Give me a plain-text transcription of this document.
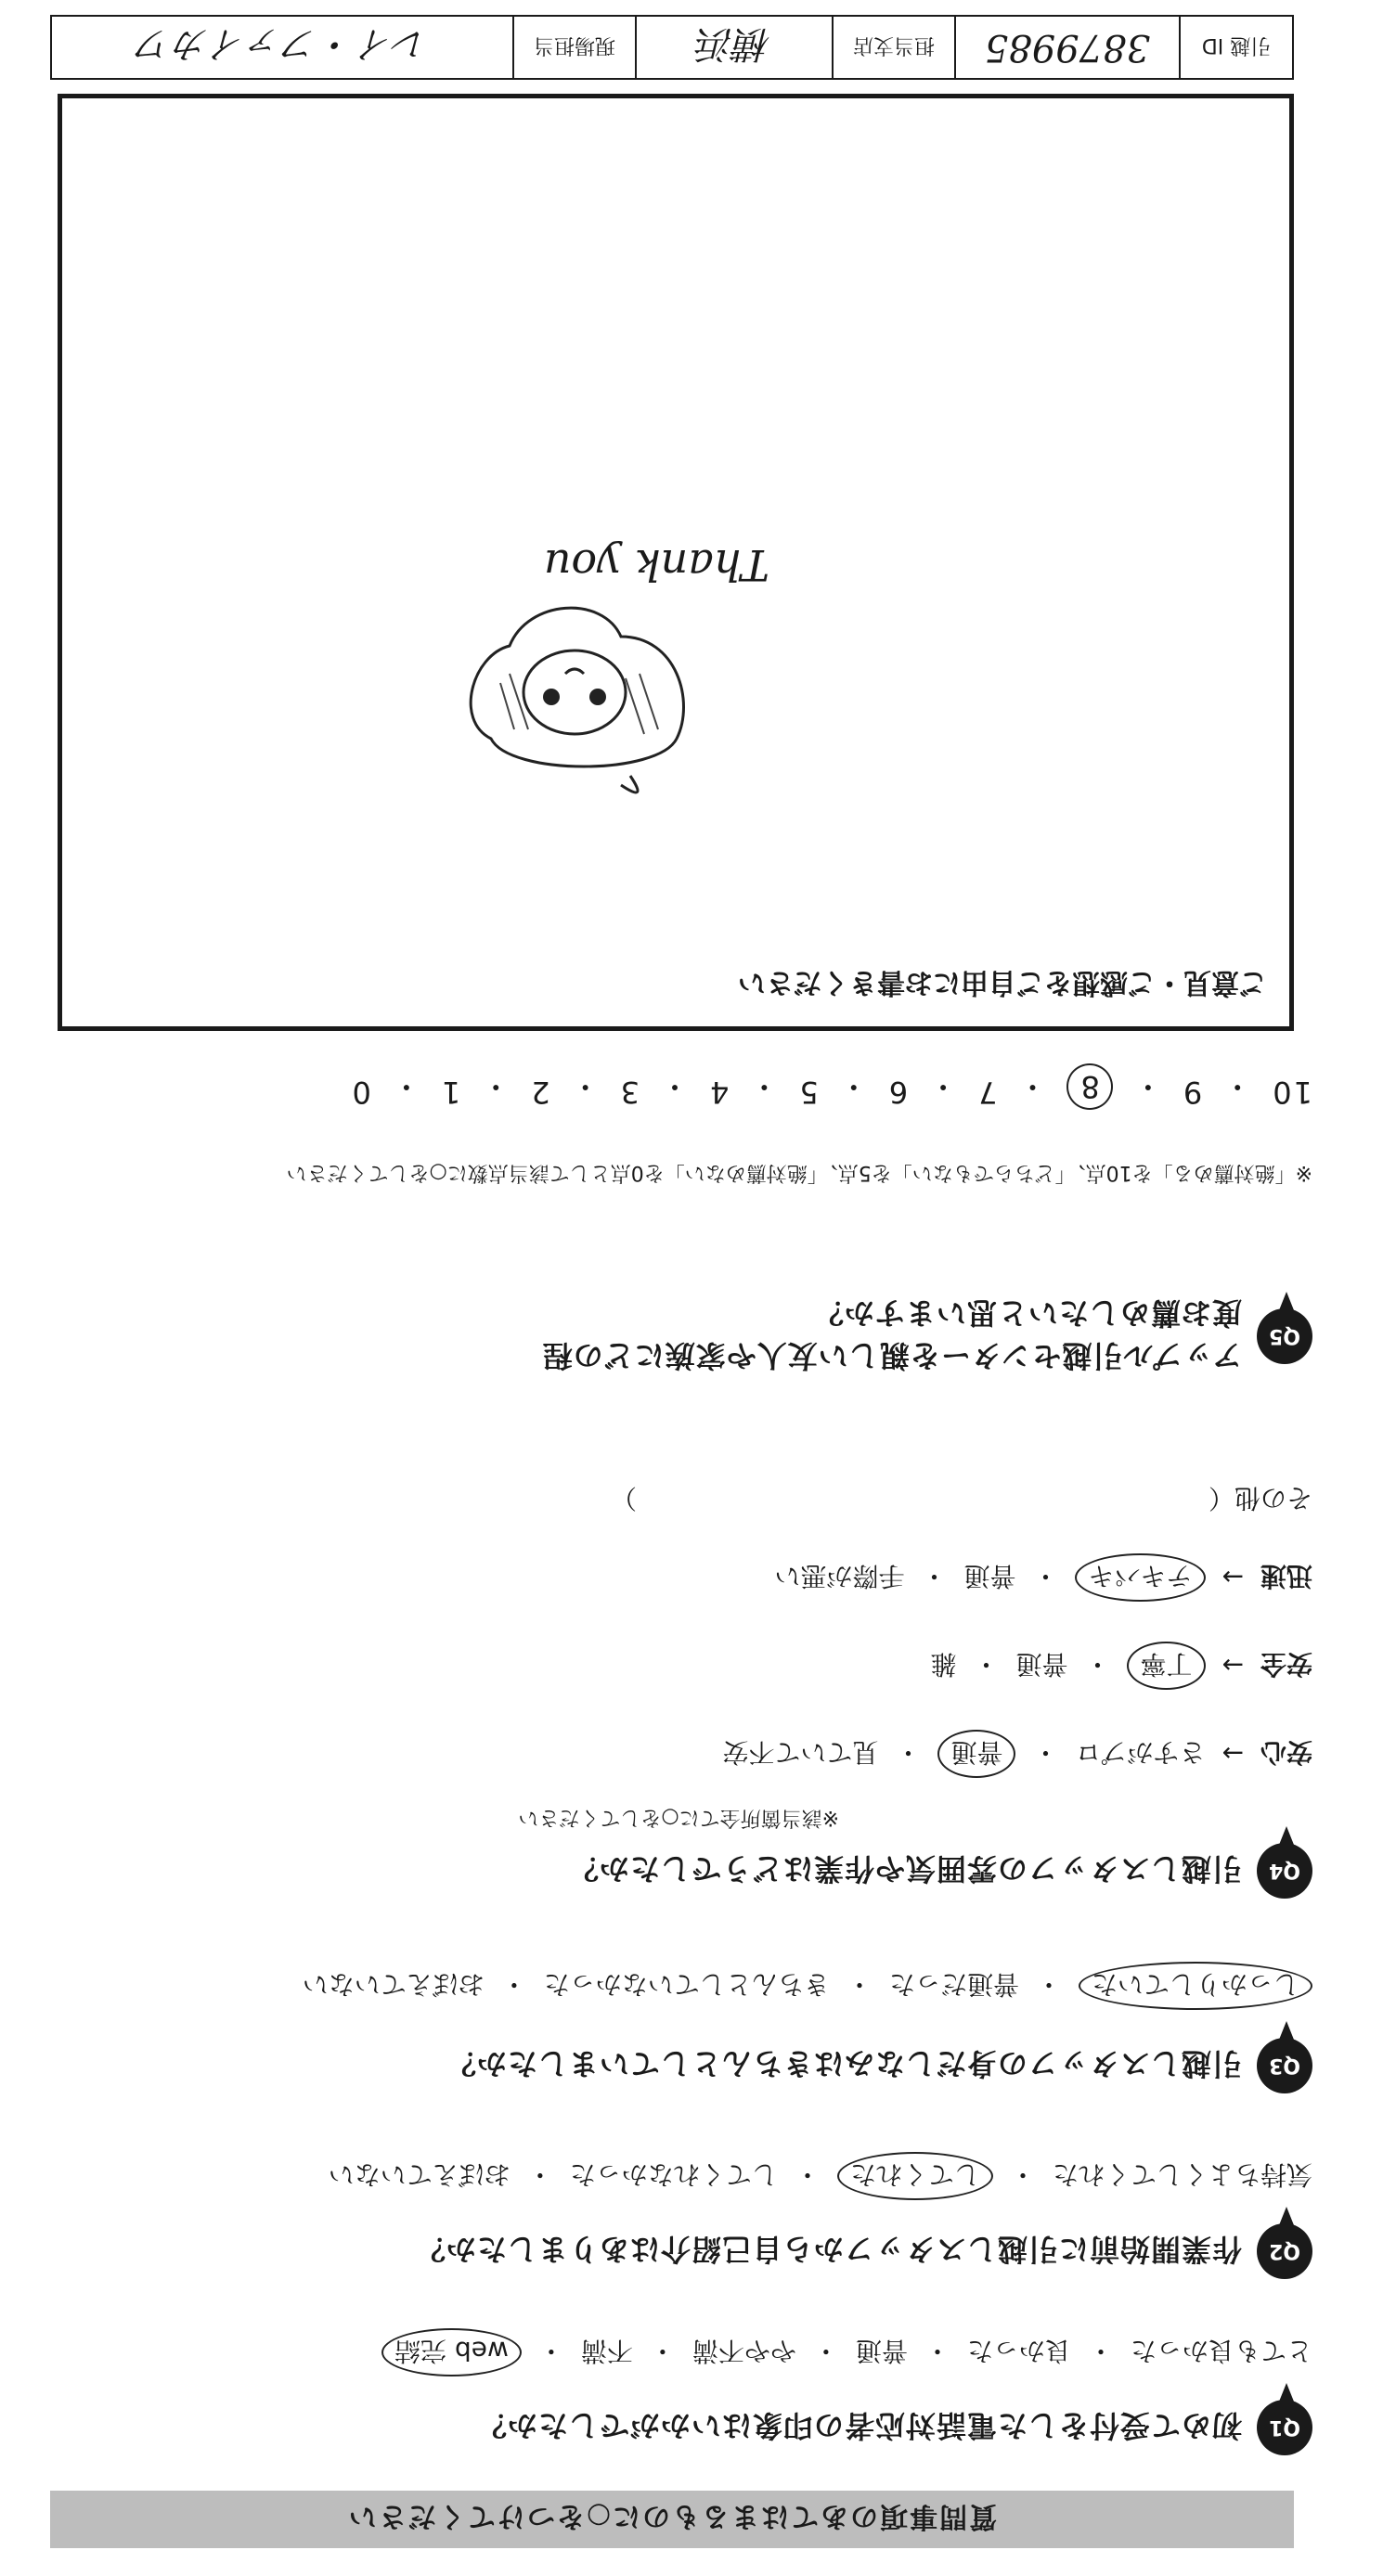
質問事項のあてはまるものに○をつけてください
Q1
初めて受付をした電話対応者の印象はいかがでしたか？
とても良かった
・
良かった
・
普通
・
やや不満
・
不満
・
web 完結
Q2
作業開始前に引越しスタッフから自己紹介はありましたか？
気持ちよくしてくれた
・
してくれた
・
してくれなかった
・
おぼえていない
Q3
引越しスタッフの身だしなみはきちんとしていましたか？
しっかりしていた
・
普通だった
・
きちんとしていなかった
・
おぼえていない
Q4
引越しスタッフの雰囲気や作業はどうでしたか？
※該当箇所全てに○をしてください
安心
→
さすがプロ
・
普通
・
見ていて不安
安全
→
丁寧
・
普通
・
雑
迅速
→
テキパキ
・
普通
・
手際が悪い
その他（　　　　　　　　　　　　　　　　　　　　　　）
Q5
アップル引越センターを親しい友人や家族にどの程度お薦めしたいと思いますか？
※「絶対薦める」を10点、「どちらでもない」を5点、「絶対薦めない」を0点として該当点数に○をしてください
10
・
9
・
8
・
7
・
6
・
5
・
4
・
3
・
2
・
1
・
0
ご意見・ご感想をご自由にお書きください
Thank you
引越 ID
3879985
担当支店
横浜
現場担当
レイ・ファイカワ
